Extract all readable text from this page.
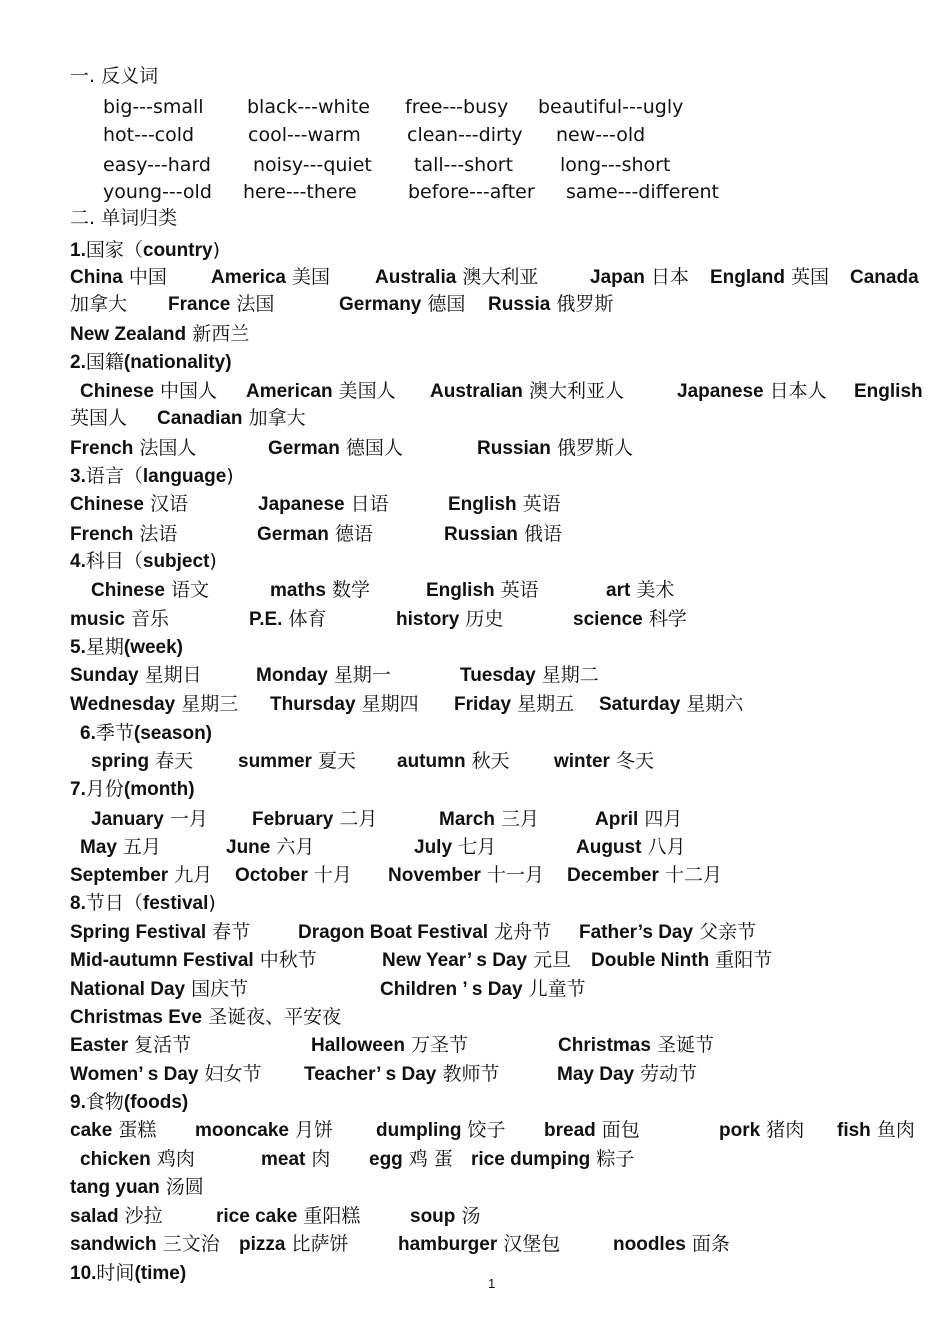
一. 反义词
big---small black---white free---busy beautiful---ugly
hot---cold	cool---warm clean---dirty new---old
easy---hard noisy---quiet tall---short long---short
young---old here---there	before---after same---different
二. 单词归类
1.国家（country)
China 中国 America 美国 Australia 澳大利亚	Japan 日本 England 英国 Canada
加拿大 France 法国	Germany 德国 Russia 俄罗斯
New Zealand 新西兰
2.国籍(nationality)
Chinese 中国人 American 美国人 Australian 澳大利亚人	Japanese 日本人 English
英国人 Canadian 加拿大
French 法国人	German 德国人	Russian 俄罗斯人
3.语言（language)
Chinese 汉语	Japanese 日语	English 英语
French 法语	German 德语	Russian 俄语
4.科目（subject)
Chinese 语文	maths 数学	English 英语	art 美术
music 音乐	P.E. 体育	history 历史	science 科学
5.星期(week)
Sunday 星期日	Monday 星期一	Tuesday 星期二
Wednesday 星期三 Thursday 星期四 Friday 星期五 Saturday 星期六
6.季节(season)
spring 春天 summer 夏天 autumn 秋天 winter 冬天
7.月份(month)
January 一月 February 二月	March 三月	April 四月
May 五月	June 六月	July 七月	August 八月
September 九月 October 十月 November 十一月 December 十二月
8.节日（festival)
Spring Festival 春节	Dragon Boat Festival 龙舟节 Father’s Day 父亲节
Mid-autumn Festival 中秋节	New Year’ s Day 元旦 Double Ninth 重阳节
National Day 国庆节	Children ’ s Day 儿童节
Christmas Eve 圣诞夜、平安夜
Easter 复活节	Halloween 万圣节	Christmas 圣诞节
Women’ s Day 妇女节 Teacher’ s Day 教师节	May Day 劳动节
9.食物(foods)
cake 蛋糕 mooncake 月饼 dumpling 饺子 bread 面包	pork 猪肉 fish 鱼肉
chicken 鸡肉	meat 肉 egg 鸡 蛋 rice dumping 粽子
tang yuan 汤圆
salad 沙拉	rice cake 重阳糕	soup 汤
sandwich 三文治 pizza 比萨饼	hamburger 汉堡包	noodles 面条
10.时间(time)	1
